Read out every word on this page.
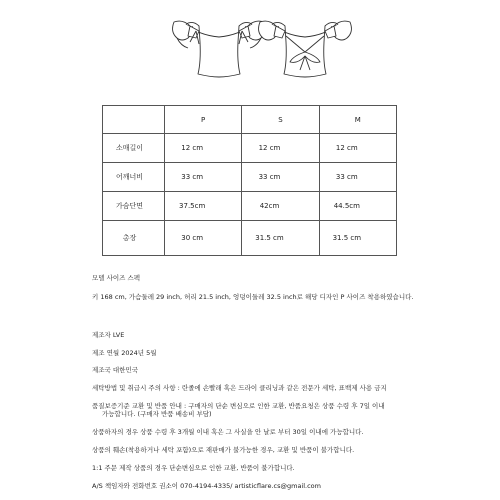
	P	S	M
소매길이	12 cm	12 cm	12 cm
어깨너비	33 cm	33 cm	33 cm
가슴단면	37.5cm	42cm	44.5cm
총장	30 cm	31.5 cm	31.5 cm
모델 사이즈 스펙
키 168 cm, 가슴둘레 29 inch, 허리 21.5 inch, 엉덩이둘레 32.5 inch로 해당 디자인 P 사이즈 착용하였습니다.
제조자 LVE
제조 연월 2024년 5월
제조국 대한민국
세탁방법 및 취급시 주의 사항 : 란졸에 손빨래 혹은 드라이 클리닝과 같은 전문가 세탁, 표백제 사용 금지
품질보증기준 교환 및 반품 안내 : 구매자의 단순 변심으로 인한 교환, 반품요청은 상품 수령 후 7일 이내
가능합니다. (구매자 반품 배송비 부담)
상품하자의 경우 상품 수령 후 3개월 이내 혹은 그 사실을 안 날로 부터 30일 이내에 가능합니다.
상품의 훼손(착용하거나 세탁 포함)으로 재판매가 불가능한 경우, 교환 및 반품이 불가합니다.
1:1 주문 제작 상품의 경우 단순변심으로 인한 교환, 반품이 불가합니다.
A/S 책임자와 전화번호 권소이 070-4194-4335/ artisticflare.cs@gmail.com
